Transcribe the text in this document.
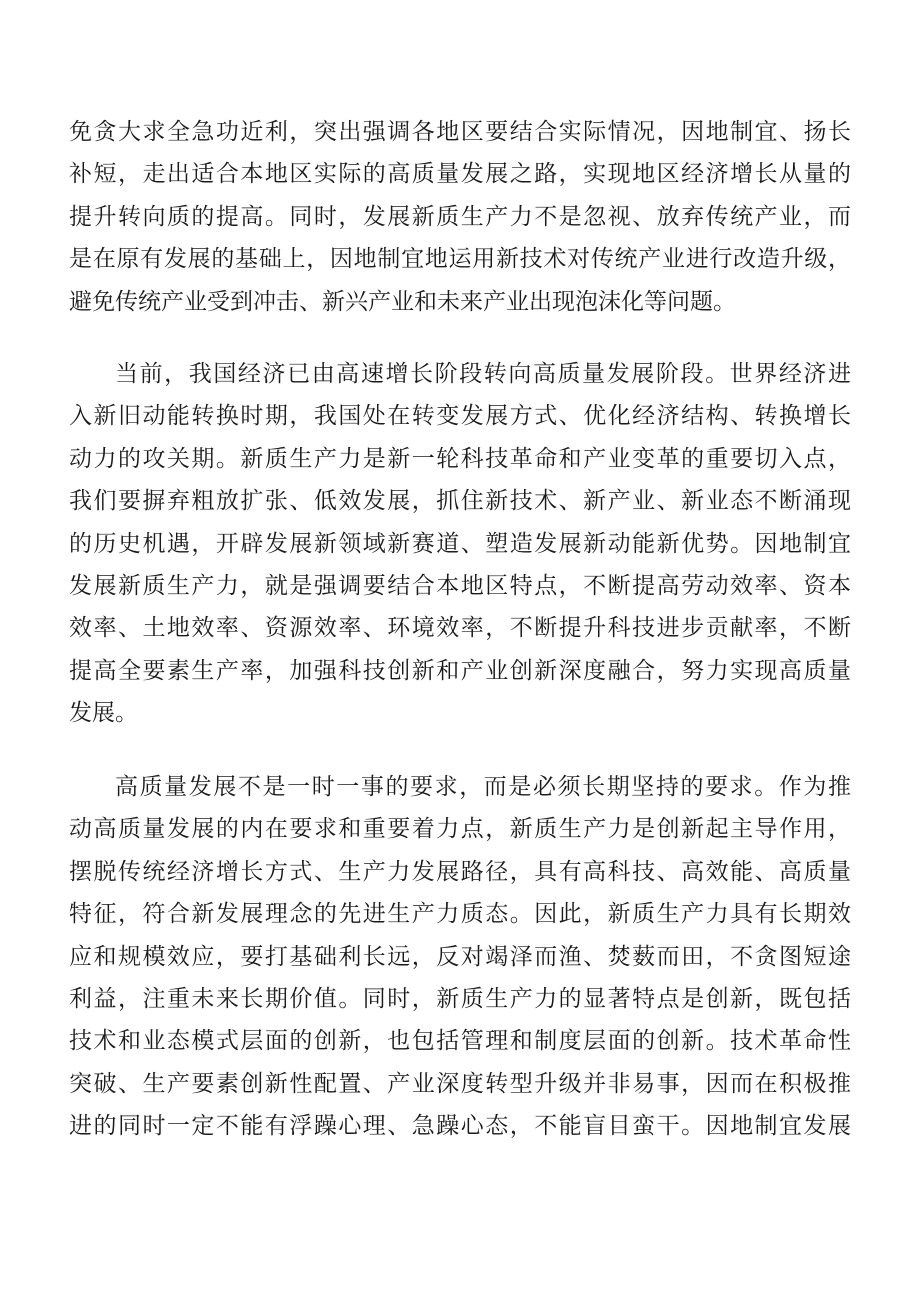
免贪大求全急功近利，突出强调各地区要结合实际情况，因地制宜、扬长
补短，走出适合本地区实际的高质量发展之路，实现地区经济增长从量的
提升转向质的提高。同时，发展新质生产力不是忽视、放弃传统产业，而
是在原有发展的基础上，因地制宜地运用新技术对传统产业进行改造升级，
避免传统产业受到冲击、新兴产业和未来产业出现泡沫化等问题。
当前，我国经济已由高速增长阶段转向高质量发展阶段。世界经济进
入新旧动能转换时期，我国处在转变发展方式、优化经济结构、转换增长
动力的攻关期。新质生产力是新一轮科技革命和产业变革的重要切入点，
我们要摒弃粗放扩张、低效发展，抓住新技术、新产业、新业态不断涌现
的历史机遇，开辟发展新领域新赛道、塑造发展新动能新优势。因地制宜
发展新质生产力，就是强调要结合本地区特点，不断提高劳动效率、资本
效率、土地效率、资源效率、环境效率，不断提升科技进步贡献率，不断
提高全要素生产率，加强科技创新和产业创新深度融合，努力实现高质量
发展。
高质量发展不是一时一事的要求，而是必须长期坚持的要求。作为推
动高质量发展的内在要求和重要着力点，新质生产力是创新起主导作用，
摆脱传统经济增长方式、生产力发展路径，具有高科技、高效能、高质量
特征，符合新发展理念的先进生产力质态。因此，新质生产力具有长期效
应和规模效应，要打基础利长远，反对竭泽而渔、焚薮而田，不贪图短途
利益，注重未来长期价值。同时，新质生产力的显著特点是创新，既包括
技术和业态模式层面的创新，也包括管理和制度层面的创新。技术革命性
突破、生产要素创新性配置、产业深度转型升级并非易事，因而在积极推
进的同时一定不能有浮躁心理、急躁心态，不能盲目蛮干。因地制宜发展
